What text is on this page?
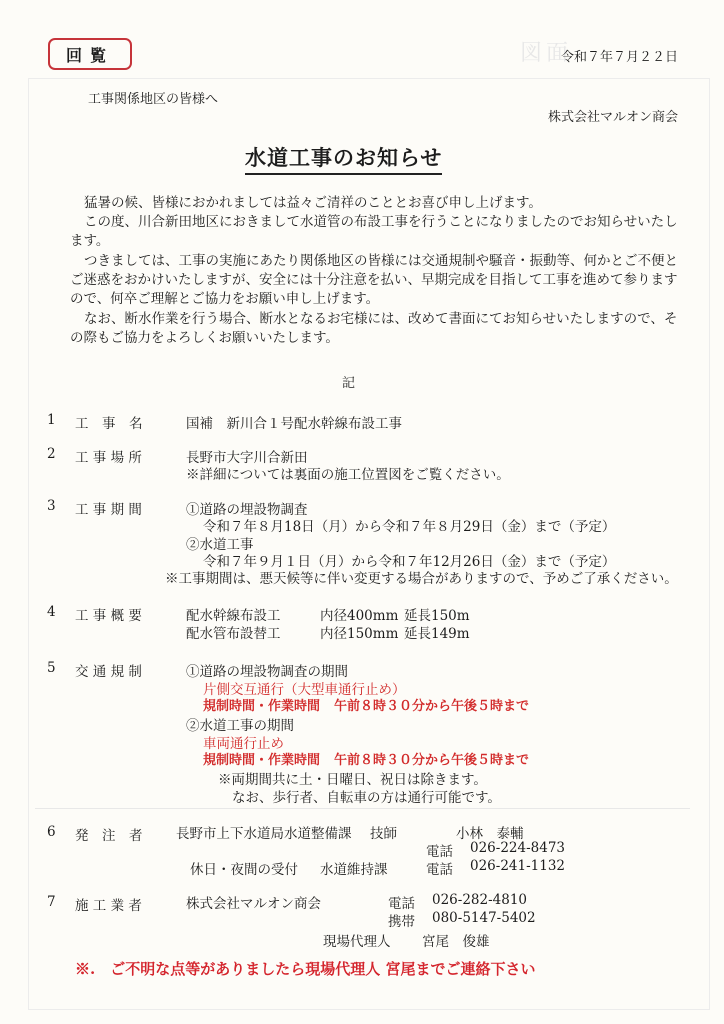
図面
回覧	令和７年７月２２日
工事関係地区の皆様へ
株式会社マルオン商会
水道工事のお知らせ
猛暑の候、皆様におかれましては益々ご清祥のこととお喜び申し上げます。
この度、川合新田地区におきまして水道管の布設工事を行うことになりましたのでお知らせいたします。
つきましては、工事の実施にあたり関係地区の皆様には交通規制や騒音・振動等、何かとご不便とご迷惑をおかけいたしますが、安全には十分注意を払い、早期完成を目指して工事を進めて参りますので、何卒ご理解とご協力をお願い申し上げます。
なお、断水作業を行う場合、断水となるお宅様には、改めて書面にてお知らせいたしますので、その際もご協力をよろしくお願いいたします。
記
1 工　事　名	国補　新川合１号配水幹線布設工事
2 工 事 場 所	長野市大字川合新田
※詳細については裏面の施工位置図をご覧ください。
3 工 事 期 間	①道路の埋設物調査
令和７年８月18日（月）から令和７年８月29日（金）まで（予定）
②水道工事
令和７年９月１日（月）から令和７年12月26日（金）まで（予定）
※工事期間は、悪天候等に伴い変更する場合がありますので、予めご了承ください。
4 工 事 概 要	配水幹線布設工	内径400mm 延長150m
配水管布設替工	内径150mm 延長149m
5 交 通 規 制	①道路の埋設物調査の期間
片側交互通行（大型車通行止め）
規制時間・作業時間 午前８時３０分から午後５時まで
②水道工事の期間
車両通行止め
規制時間・作業時間 午前８時３０分から午後５時まで
※両期間共に土・日曜日、祝日は除きます。
なお、歩行者、自転車の方は通行可能です。
6 発　注　者 長野市上下水道局水道整備課 技師	小林　泰輔
電話 026-224-8473
休日・夜間の受付 水道維持課	電話 026-241-1132
7 施 工 業 者	株式会社マルオン商会	電話 026-282-4810
携帯 080-5147-5402
現場代理人 宮尾　俊雄
※.　ご不明な点等がありましたら現場代理人 宮尾までご連絡下さい
